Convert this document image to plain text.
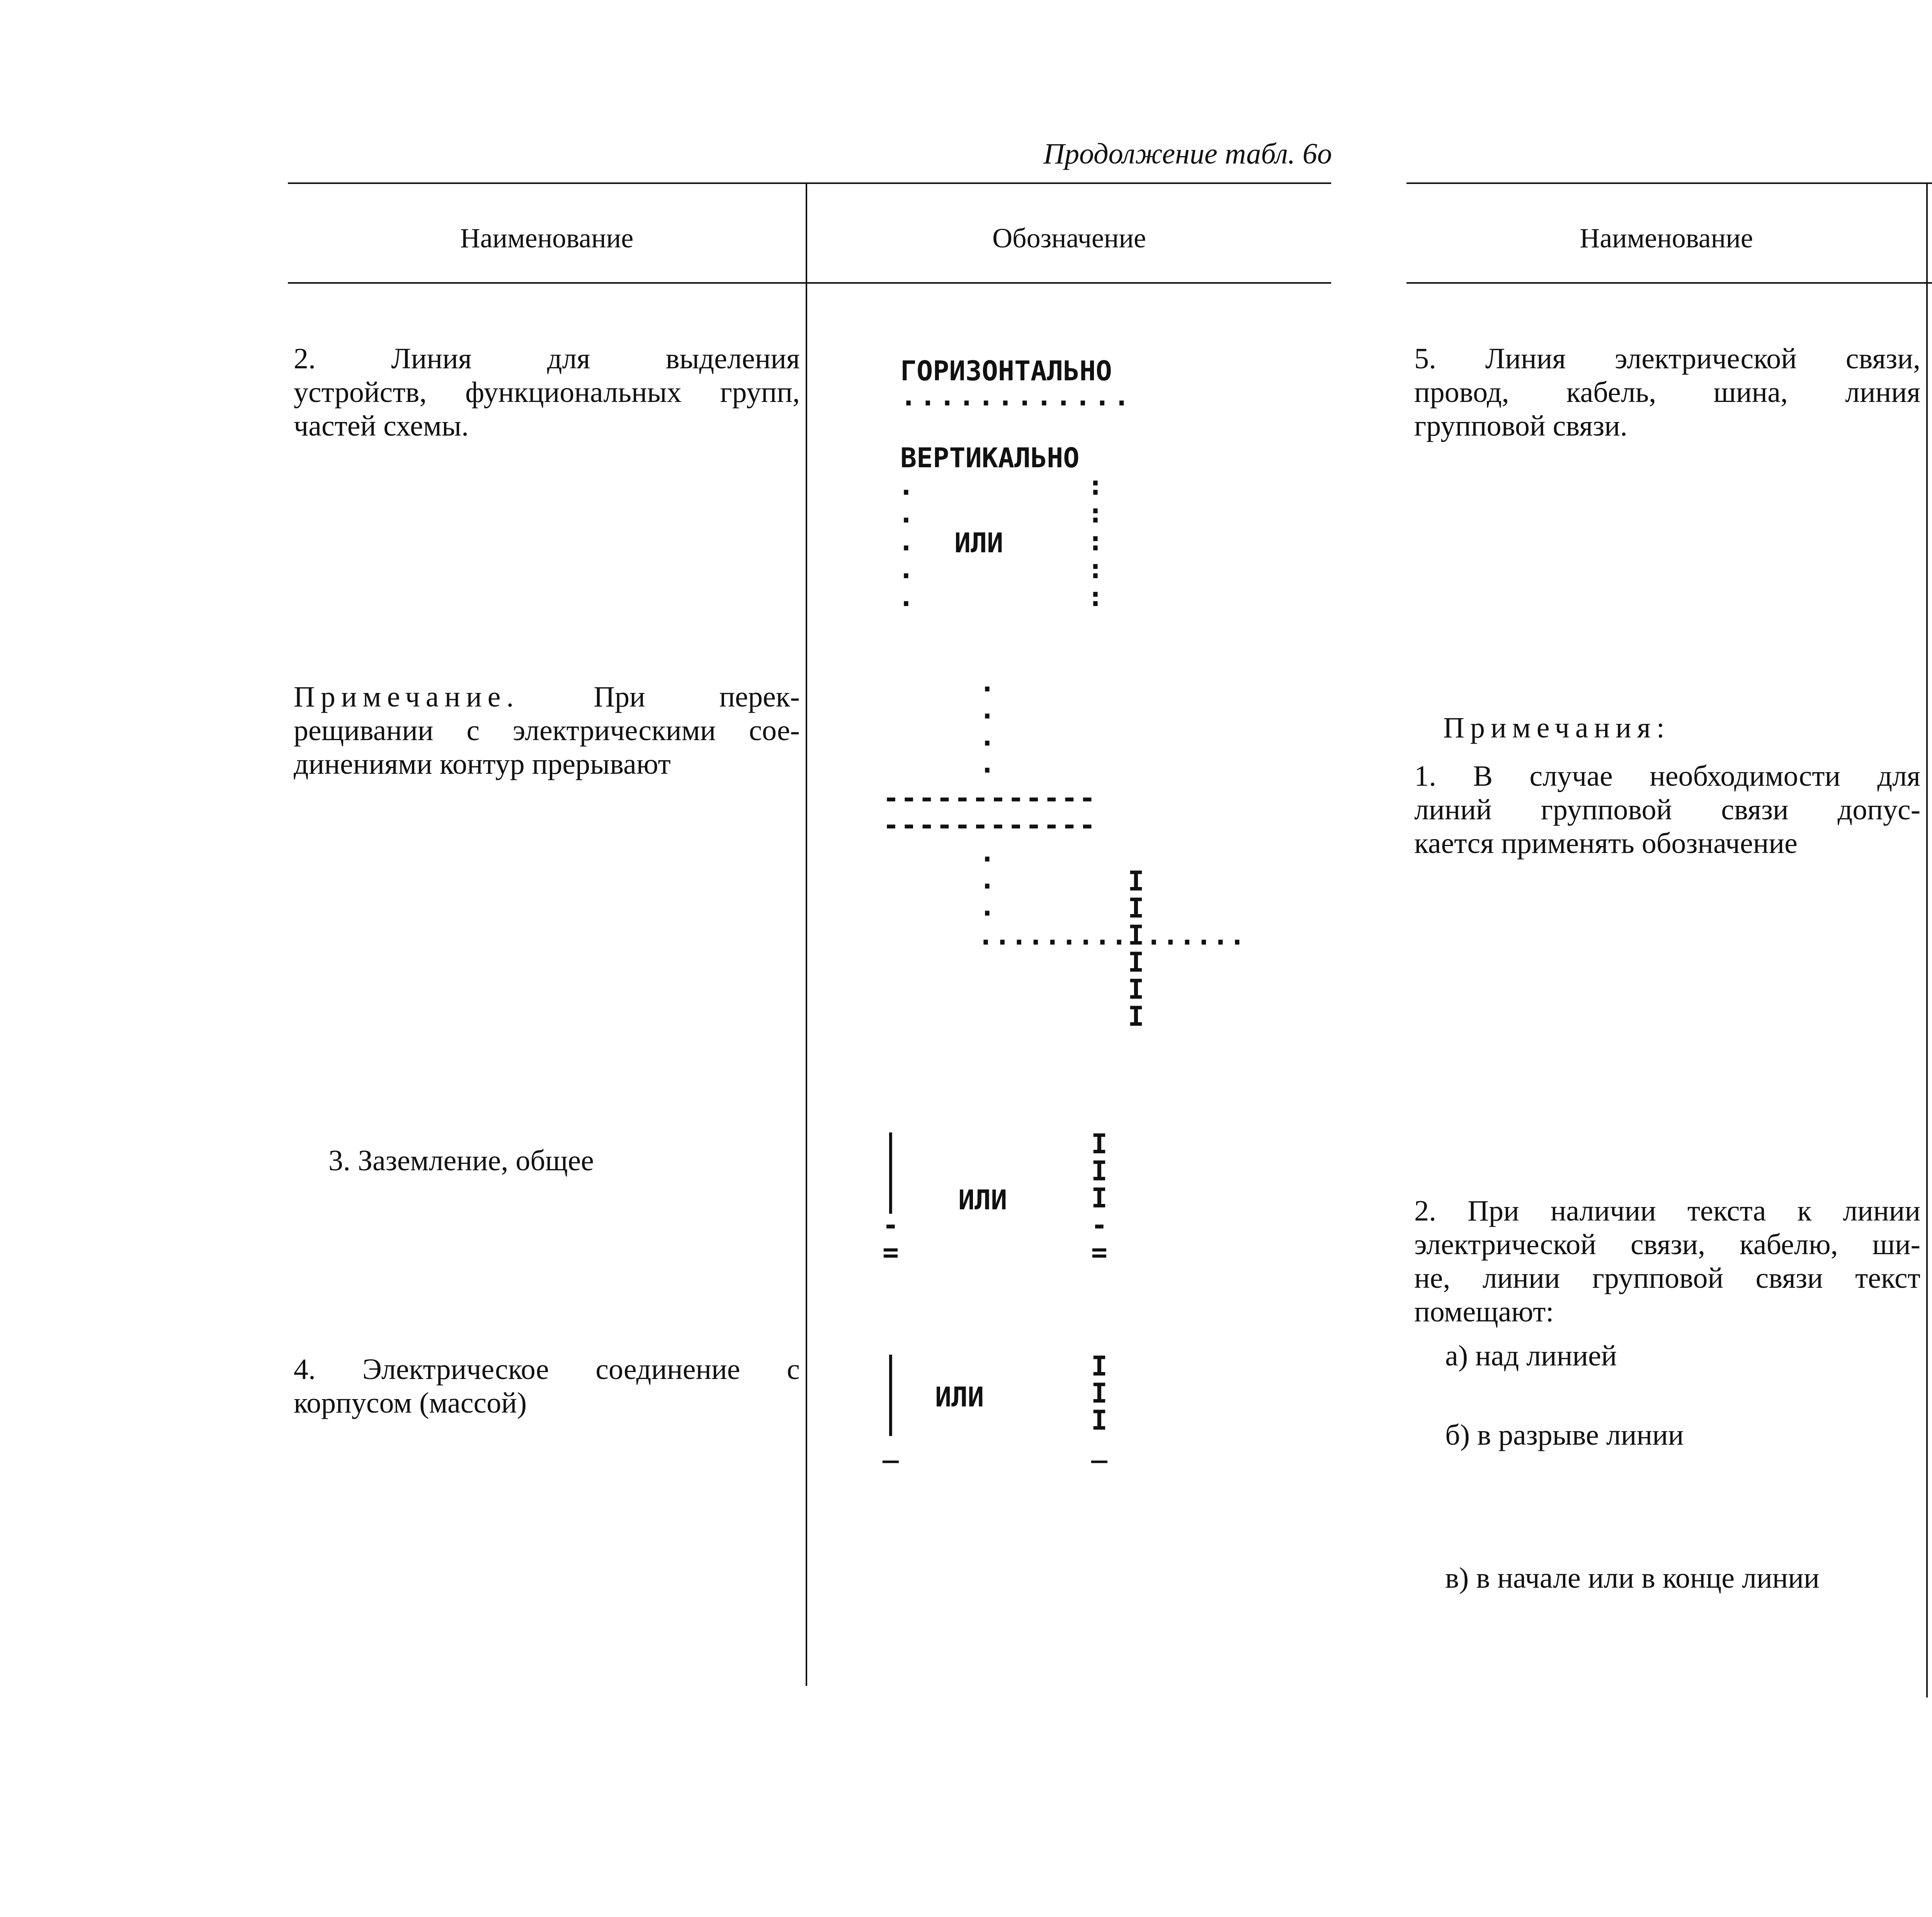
Продолжение табл. 6о
Наименование	Обозначение
2. Линия для выделения
устройств, функциональных групп,
частей схемы.
ГОРИЗОНТАЛЬНО
............
ВЕРТИКАЛЬНО
.
.
.
.
.
:
:
:
:
:
ИЛИ
Примечание.	При перек-
рещивании с электрическими сое-
динениями контур прерывают
.
.
.
.
------------
------------
.
.
.
.........
I
I
I ......
I
I
I
3. Заземление, общее
|
|
|
-
=
ИЛИ
I
I
I
-
=
4. Электрическое соединение с
корпусом (массой)
|
|
|
_
ИЛИ
I
I
I
_
Наименование
5. Линия электрической связи,
провод, кабель, шина, линия
групповой связи.
Примечания:
1. В случае необходимости для
линий групповой связи допус-
кается применять обозначение
2. При наличии текста к линии
электрической связи, кабелю, ши-
не, линии групповой связи текст
помещают:
а) над линией
б) в разрыве линии
в) в начале или в конце линии
